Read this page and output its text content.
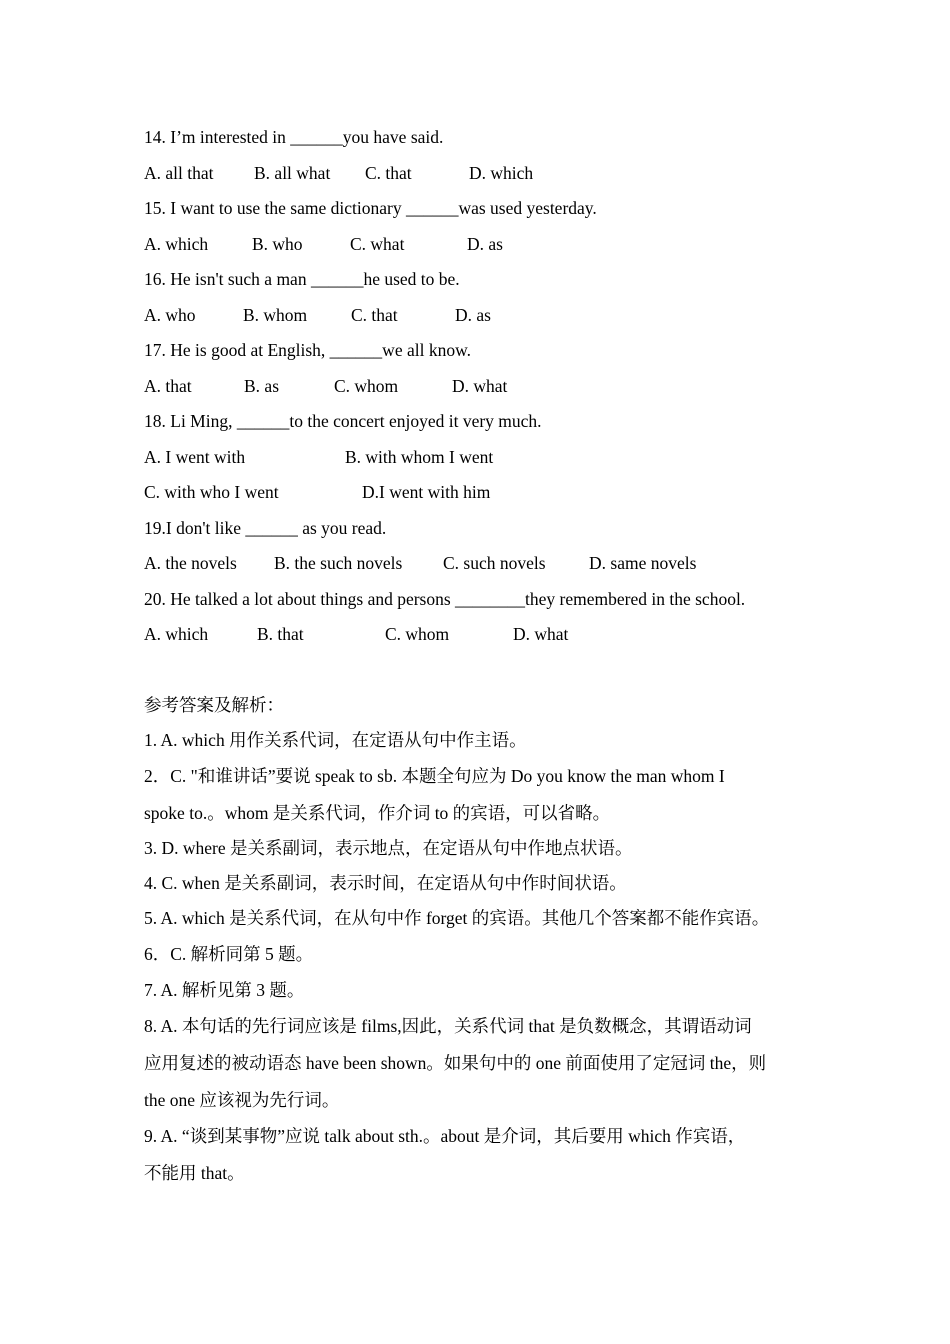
14. I’m interested in ______you have said.
A. all that B. all what C. that	D. which
15. I want to use the same dictionary ______was used yesterday.
A. which	B. who	C. what	D. as
16. He isn't such a man ______he used to be.
A. who	B. whom	C. that	D. as
17. He is good at English, ______we all know.
A. that	B. as	C. whom	D. what
18. Li Ming, ______to the concert enjoyed it very much.
A. I went with	B. with whom I went
C. with who I went	D.I went with him
19.I don't like ______ as you read.
A. the novels B. the such novels C. such novels D. same novels
20. He talked a lot about things and persons ________they remembered in the school.
A. which	B. that	C. whom	D. what
参考答案及解析：
1. A. which 用作关系代词，在定语从句中作主语。
2．C. "和谁讲话”要说 speak to sb. 本题全句应为 Do you know the man whom I
spoke to.。whom 是关系代词，作介词 to 的宾语，可以省略。
3. D. where 是关系副词，表示地点，在定语从句中作地点状语。
4. C. when 是关系副词，表示时间，在定语从句中作时间状语。
5. A. which 是关系代词，在从句中作 forget 的宾语。其他几个答案都不能作宾语。
6．C. 解析同第 5 题。
7. A. 解析见第 3 题。
8. A. 本句话的先行词应该是 films,因此，关系代词 that 是负数概念，其谓语动词
应用复述的被动语态 have been shown。如果句中的 one 前面使用了定冠词 the，则
the one 应该视为先行词。
9. A. “谈到某事物”应说 talk about sth.。about 是介词，其后要用 which 作宾语，
不能用 that。
